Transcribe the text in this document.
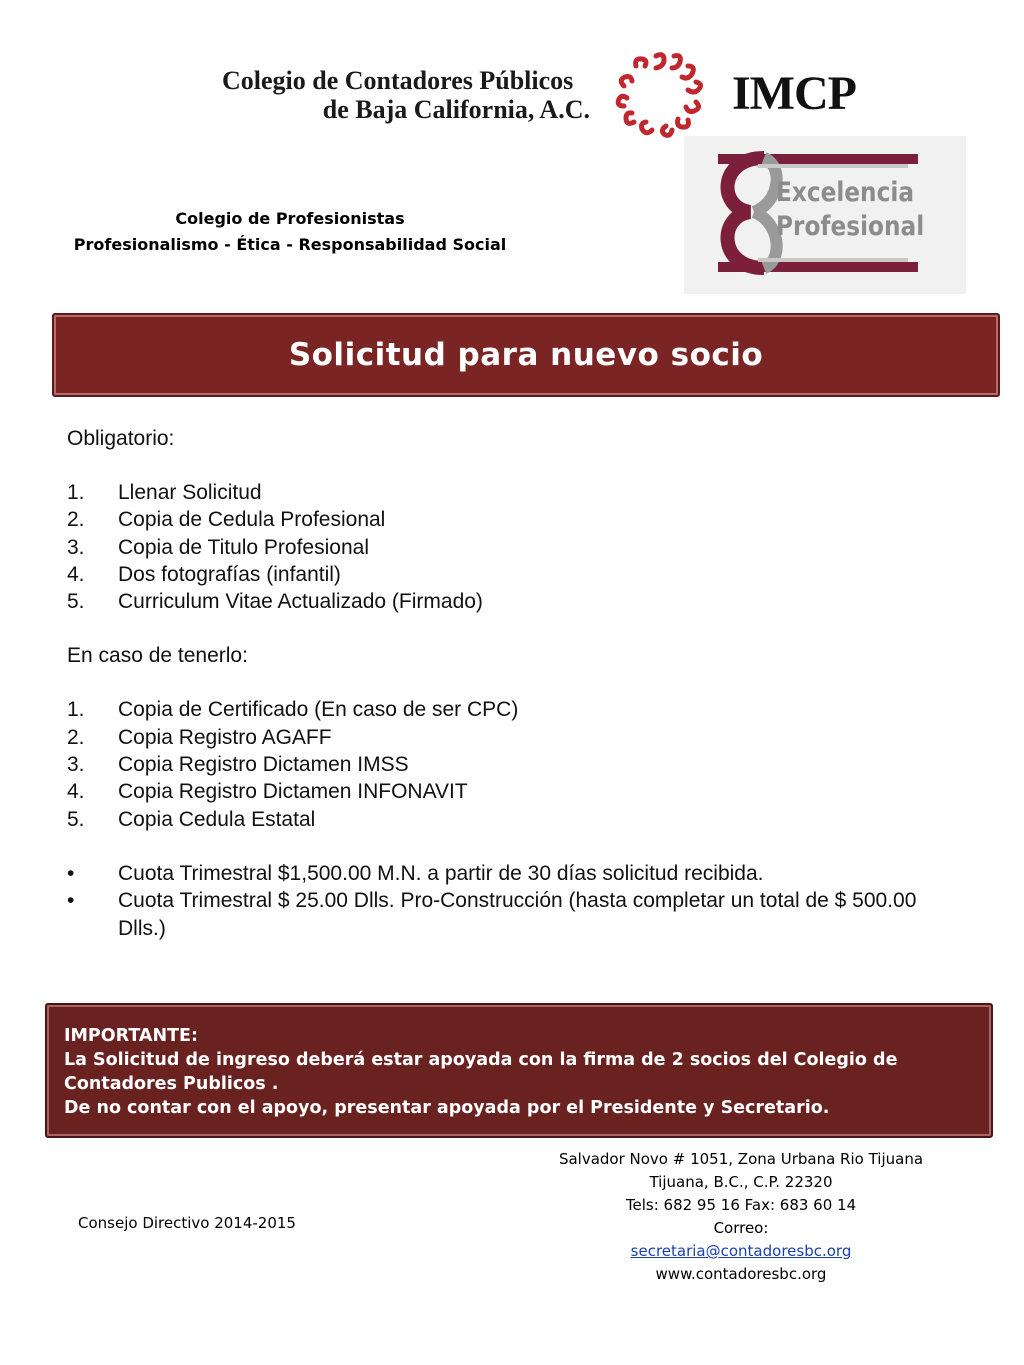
Colegio de Contadores Públicos
de Baja California, A.C.	IMCP
Excelencia
Profesional
Colegio de Profesionistas
Profesionalismo - Ética - Responsabilidad Social
Solicitud para nuevo socio

Obligatorio:

1. Llenar Solicitud
2. Copia de Cedula Profesional
3. Copia de Titulo Profesional
4. Dos fotografías (infantil)
5. Curriculum Vitae Actualizado (Firmado)

En caso de tenerlo:

1. Copia de Certificado (En caso de ser CPC)
2. Copia Registro AGAFF
3. Copia Registro Dictamen IMSS
4. Copia Registro Dictamen INFONAVIT
5. Copia Cedula Estatal
• Cuota Trimestral $1,500.00 M.N. a partir de 30 días solicitud recibida.
• Cuota Trimestral $ 25.00 Dlls. Pro-Construcción (hasta completar un total de $ 500.00 Dlls.)
IMPORTANTE:
La Solicitud de ingreso deberá estar apoyada con la firma de 2 socios del Colegio de Contadores Publicos .
De no contar con el apoyo, presentar apoyada por el Presidente y Secretario.
Salvador Novo # 1051, Zona Urbana Rio Tijuana
Tijuana, B.C., C.P. 22320
Tels: 682 95 16 Fax: 683 60 14
Correo:
secretaria@contadoresbc.org
www.contadoresbc.org
Consejo Directivo 2014-2015
